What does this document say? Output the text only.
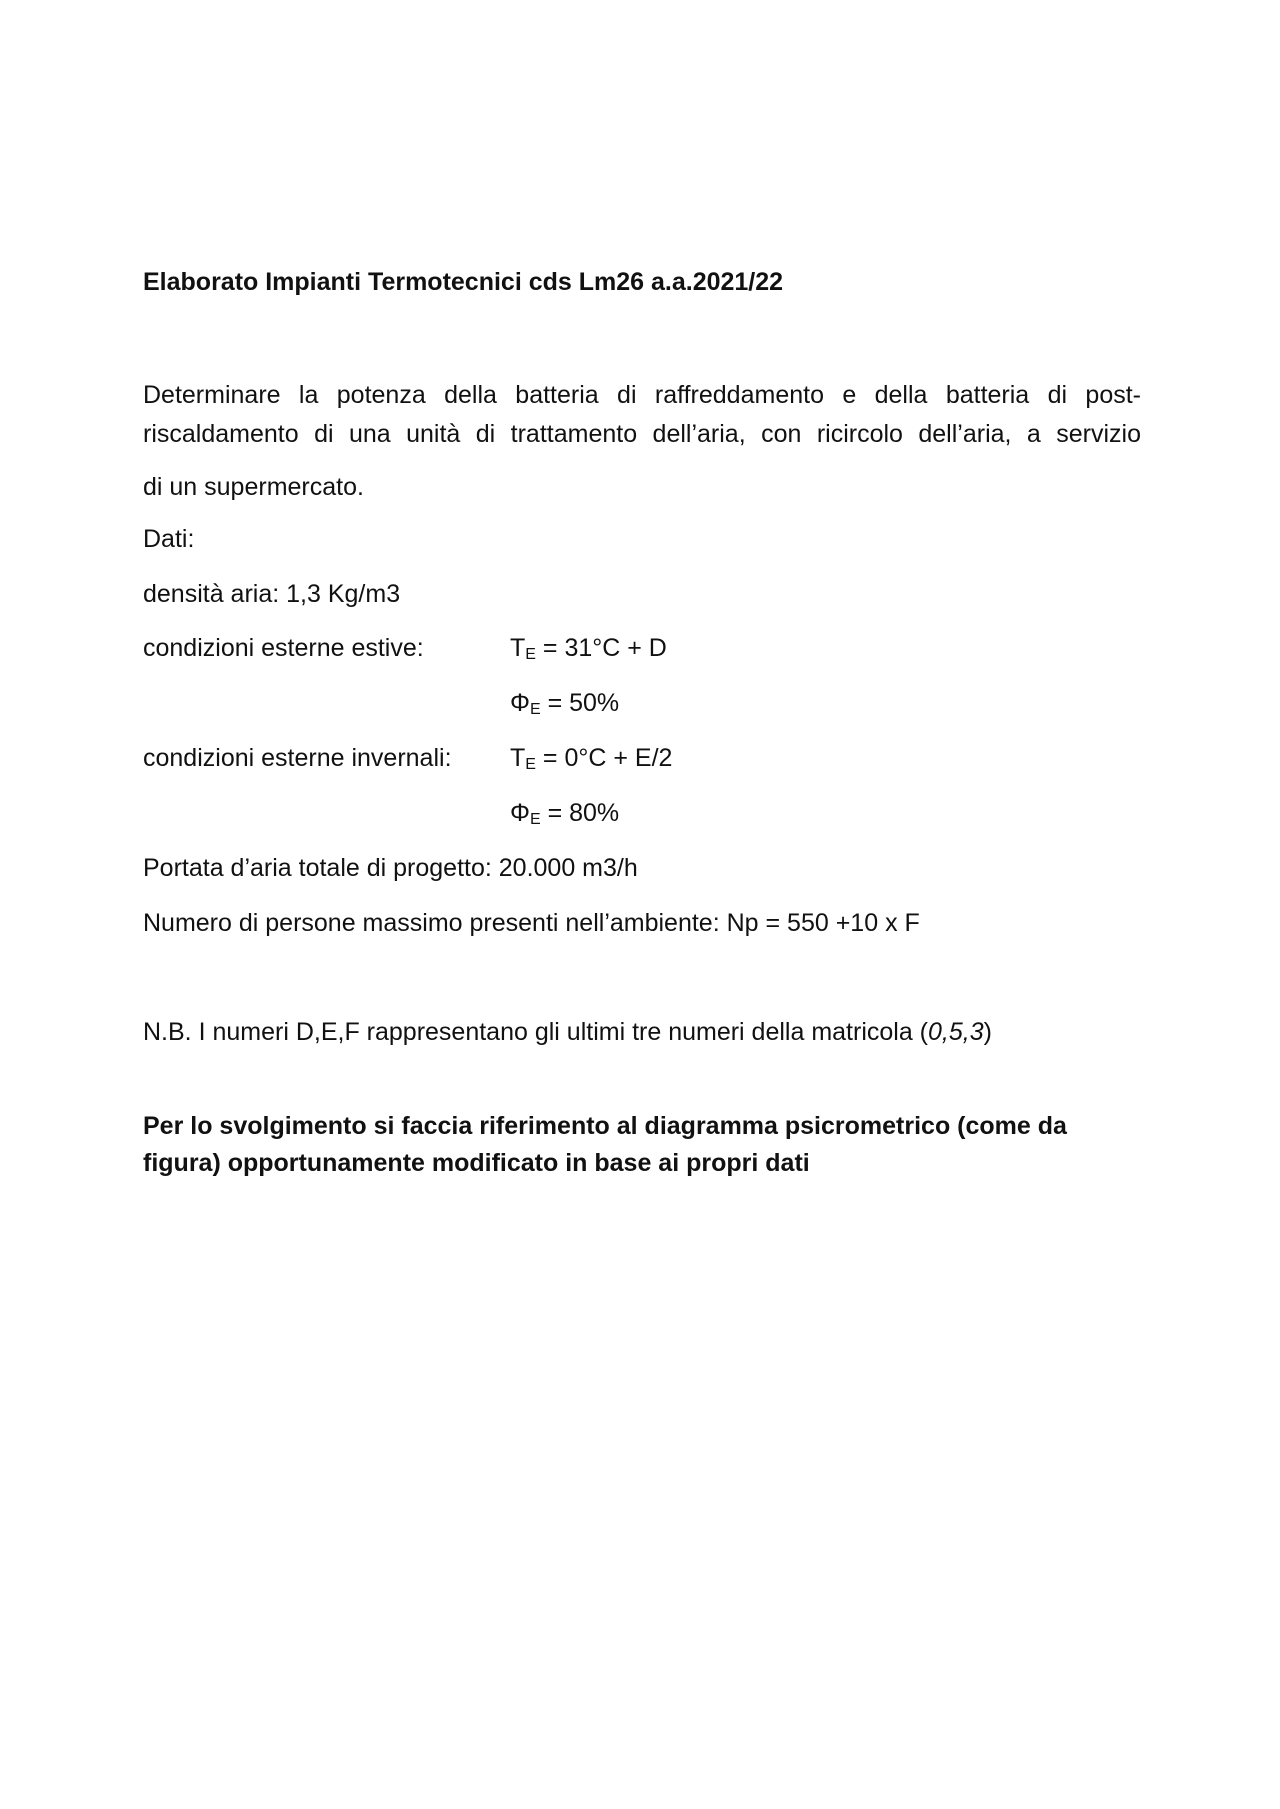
Elaborato Impianti Termotecnici cds Lm26 a.a.2021/22
Determinare la potenza della batteria di raffreddamento e della batteria di post-
riscaldamento di una unità di trattamento dell’aria, con ricircolo dell’aria, a servizio
di un supermercato.
Dati:
densità aria: 1,3 Kg/m3
condizioni esterne estive:	TE = 31°C + D
ΦE = 50%
condizioni esterne invernali: TE = 0°C + E/2
ΦE = 80%
Portata d’aria totale di progetto: 20.000 m3/h
Numero di persone massimo presenti nell’ambiente: Np = 550 +10 x F
N.B. I numeri D,E,F rappresentano gli ultimi tre numeri della matricola (0,5,3)
Per lo svolgimento si faccia riferimento al diagramma psicrometrico (come da figura) opportunamente modificato in base ai propri dati
